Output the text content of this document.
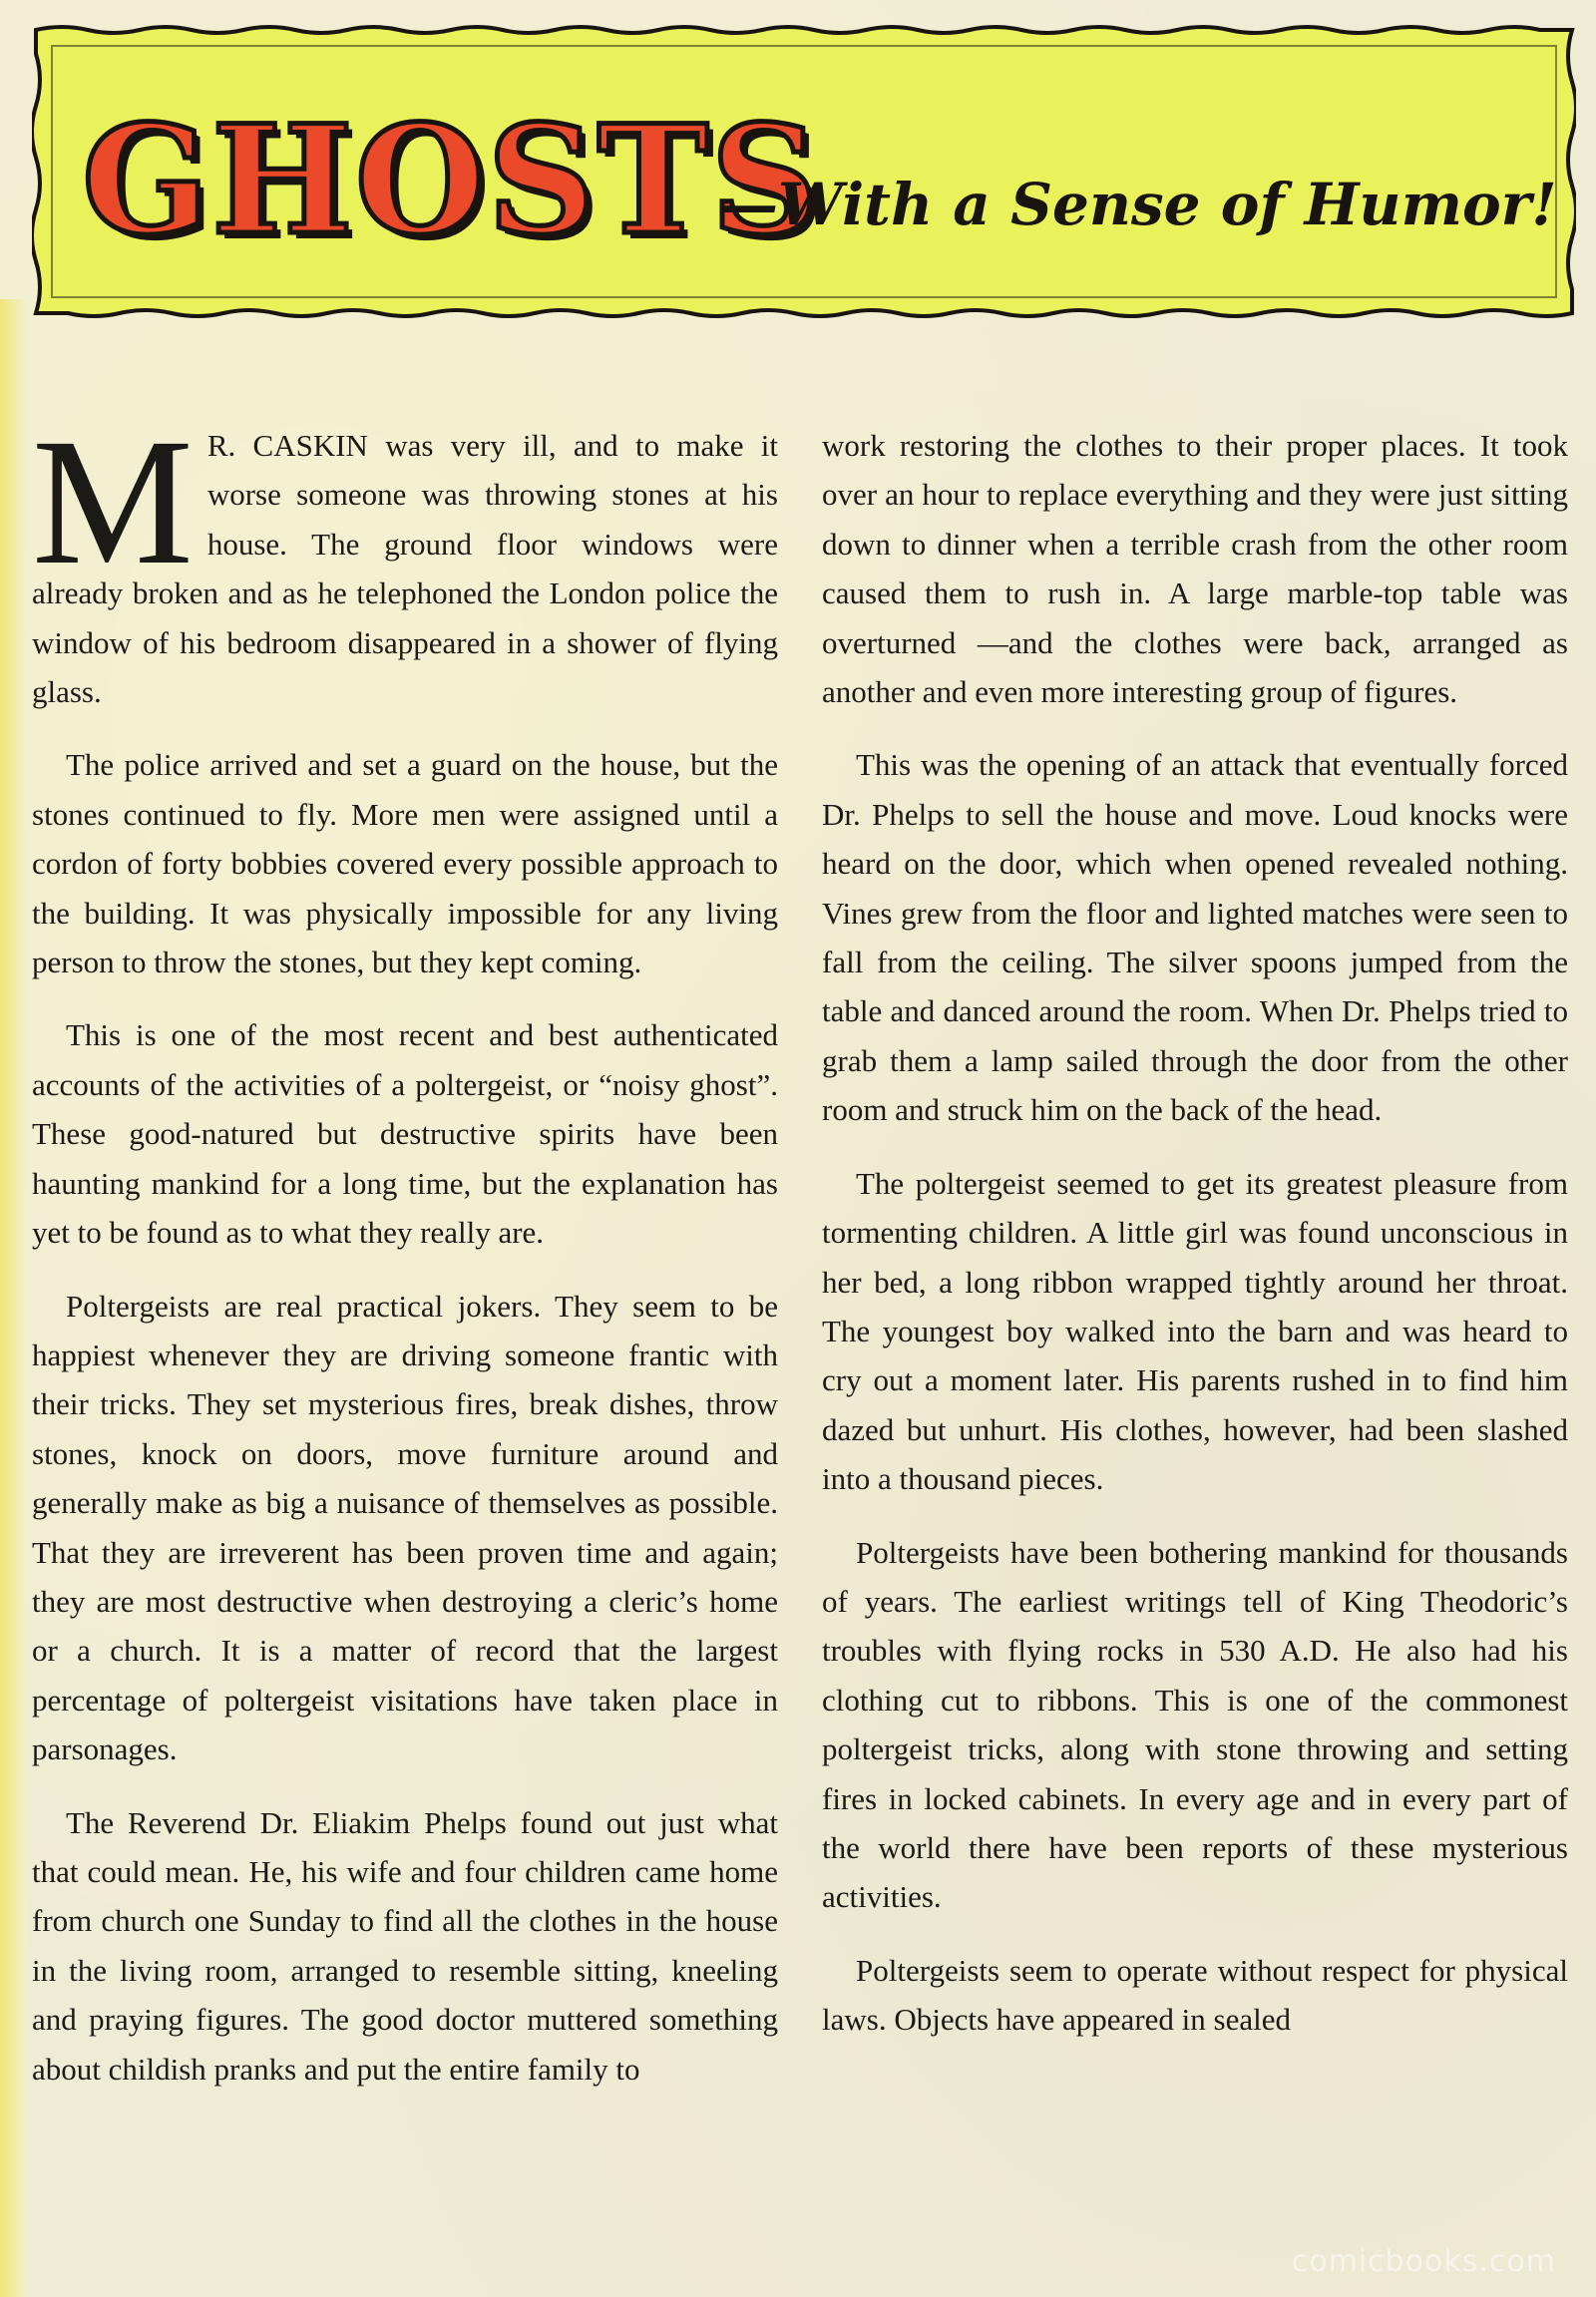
GHOSTS
—With a Sense of Humor!

M R. CASKIN was very ill, and to make it worse someone was throwing stones at his house. The ground floor windows were already broken and as he telephoned the London police the window of his bedroom disappeared in a shower of flying glass.

The police arrived and set a guard on the house, but the stones continued to fly. More men were assigned until a cordon of forty bobbies covered every possible approach to the building. It was physically impossible for any living person to throw the stones, but they kept coming.

This is one of the most recent and best authenticated accounts of the activities of a poltergeist, or “noisy ghost”. These good-natured but destructive spirits have been haunting mankind for a long time, but the explanation has yet to be found as to what they really are.

Poltergeists are real practical jokers. They seem to be happiest whenever they are driving someone frantic with their tricks. They set mysterious fires, break dishes, throw stones, knock on doors, move furniture around and generally make as big a nuisance of themselves as possible. That they are irreverent has been proven time and again; they are most destructive when destroying a cleric’s home or a church. It is a matter of record that the largest percentage of poltergeist visitations have taken place in parsonages.

The Reverend Dr. Eliakim Phelps found out just what that could mean. He, his wife and four children came home from church one Sunday to find all the clothes in the house in the living room, arranged to resemble sitting, kneeling and praying figures. The good doctor muttered something about childish pranks and put the entire family to

work restoring the clothes to their proper places. It took over an hour to replace everything and they were just sitting down to dinner when a terrible crash from the other room caused them to rush in. A large marble-top table was overturned —and the clothes were back, arranged as another and even more interesting group of figures.

This was the opening of an attack that eventually forced Dr. Phelps to sell the house and move. Loud knocks were heard on the door, which when opened revealed nothing. Vines grew from the floor and lighted matches were seen to fall from the ceiling. The silver spoons jumped from the table and danced around the room. When Dr. Phelps tried to grab them a lamp sailed through the door from the other room and struck him on the back of the head.

The poltergeist seemed to get its greatest pleasure from tormenting children. A little girl was found unconscious in her bed, a long ribbon wrapped tightly around her throat. The youngest boy walked into the barn and was heard to cry out a moment later. His parents rushed in to find him dazed but unhurt. His clothes, however, had been slashed into a thousand pieces.

Poltergeists have been bothering mankind for thousands of years. The earliest writings tell of King Theodoric’s troubles with flying rocks in 530 A.D. He also had his clothing cut to ribbons. This is one of the commonest poltergeist tricks, along with stone throwing and setting fires in locked cabinets. In every age and in every part of the world there have been reports of these mysterious activities.

Poltergeists seem to operate without respect for physical laws. Objects have appeared in sealed

comicbooks.com
